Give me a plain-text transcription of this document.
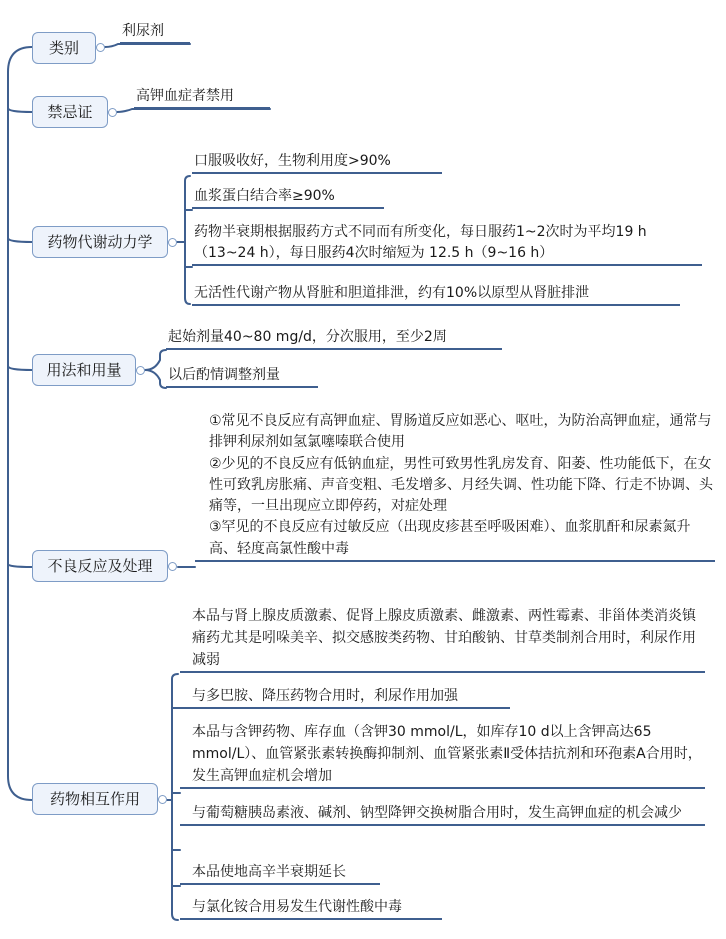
类别
禁忌证
药物代谢动力学
用法和用量
不良反应及处理
药物相互作用
利尿剂
高钾血症者禁用
口服吸收好，生物利用度>90%
血浆蛋白结合率≥90%
药物半衰期根据服药方式不同而有所变化，每日服药1~2次时为平均19 h（13~24 h），每日服药4次时缩短为 12.5 h（9~16 h）
无活性代谢产物从肾脏和胆道排泄，约有10%以原型从肾脏排泄
起始剂量40~80 mg/d，分次服用，至少2周
以后酌情调整剂量
①常见不良反应有高钾血症、胃肠道反应如恶心、呕吐，为防治高钾血症，通常与排钾利尿剂如氢氯噻嗪联合使用
②少见的不良反应有低钠血症，男性可致男性乳房发育、阳萎、性功能低下，在女性可致乳房胀痛、声音变粗、毛发增多、月经失调、性功能下降、行走不协调、头痛等，一旦出现应立即停药，对症处理
③罕见的不良反应有过敏反应（出现皮疹甚至呼吸困难）、血浆肌酐和尿素氮升高、轻度高氯性酸中毒
本品与肾上腺皮质激素、促肾上腺皮质激素、雌激素、两性霉素、非甾体类消炎镇痛药尤其是吲哚美辛、拟交感胺类药物、甘珀酸钠、甘草类制剂合用时，利尿作用减弱
与多巴胺、降压药物合用时，利尿作用加强
本品与含钾药物、库存血（含钾30 mmol/L，如库存10 d以上含钾高达65 mmol/L）、血管紧张素转换酶抑制剂、血管紧张素Ⅱ受体拮抗剂和环孢素A合用时，发生高钾血症机会增加
与葡萄糖胰岛素液、碱剂、钠型降钾交换树脂合用时，发生高钾血症的机会减少
本品使地高辛半衰期延长
与氯化铵合用易发生代谢性酸中毒
